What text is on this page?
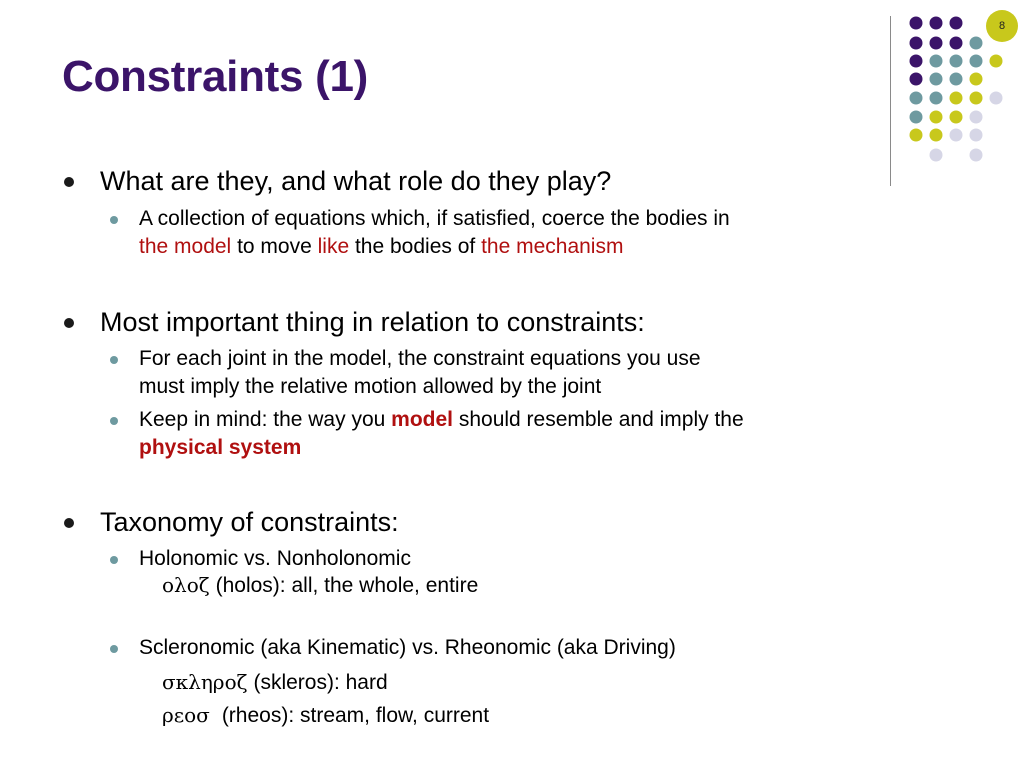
Constraints (1)
8
What are they, and what role do they play?
A collection of equations which, if satisfied, coerce the bodies in
the model to move like the bodies of the mechanism
Most important thing in relation to constraints:
For each joint in the model, the constraint equations you use
must imply the relative motion allowed by the joint
Keep in mind: the way you model should resemble and imply the
physical system
Taxonomy of constraints:
Holonomic vs. Nonholonomic
ολοζ (holos): all, the whole, entire
Scleronomic (aka Kinematic) vs. Rheonomic (aka Driving)
σκληροζ (skleros): hard
ρεοσ (rheos): stream, flow, current
